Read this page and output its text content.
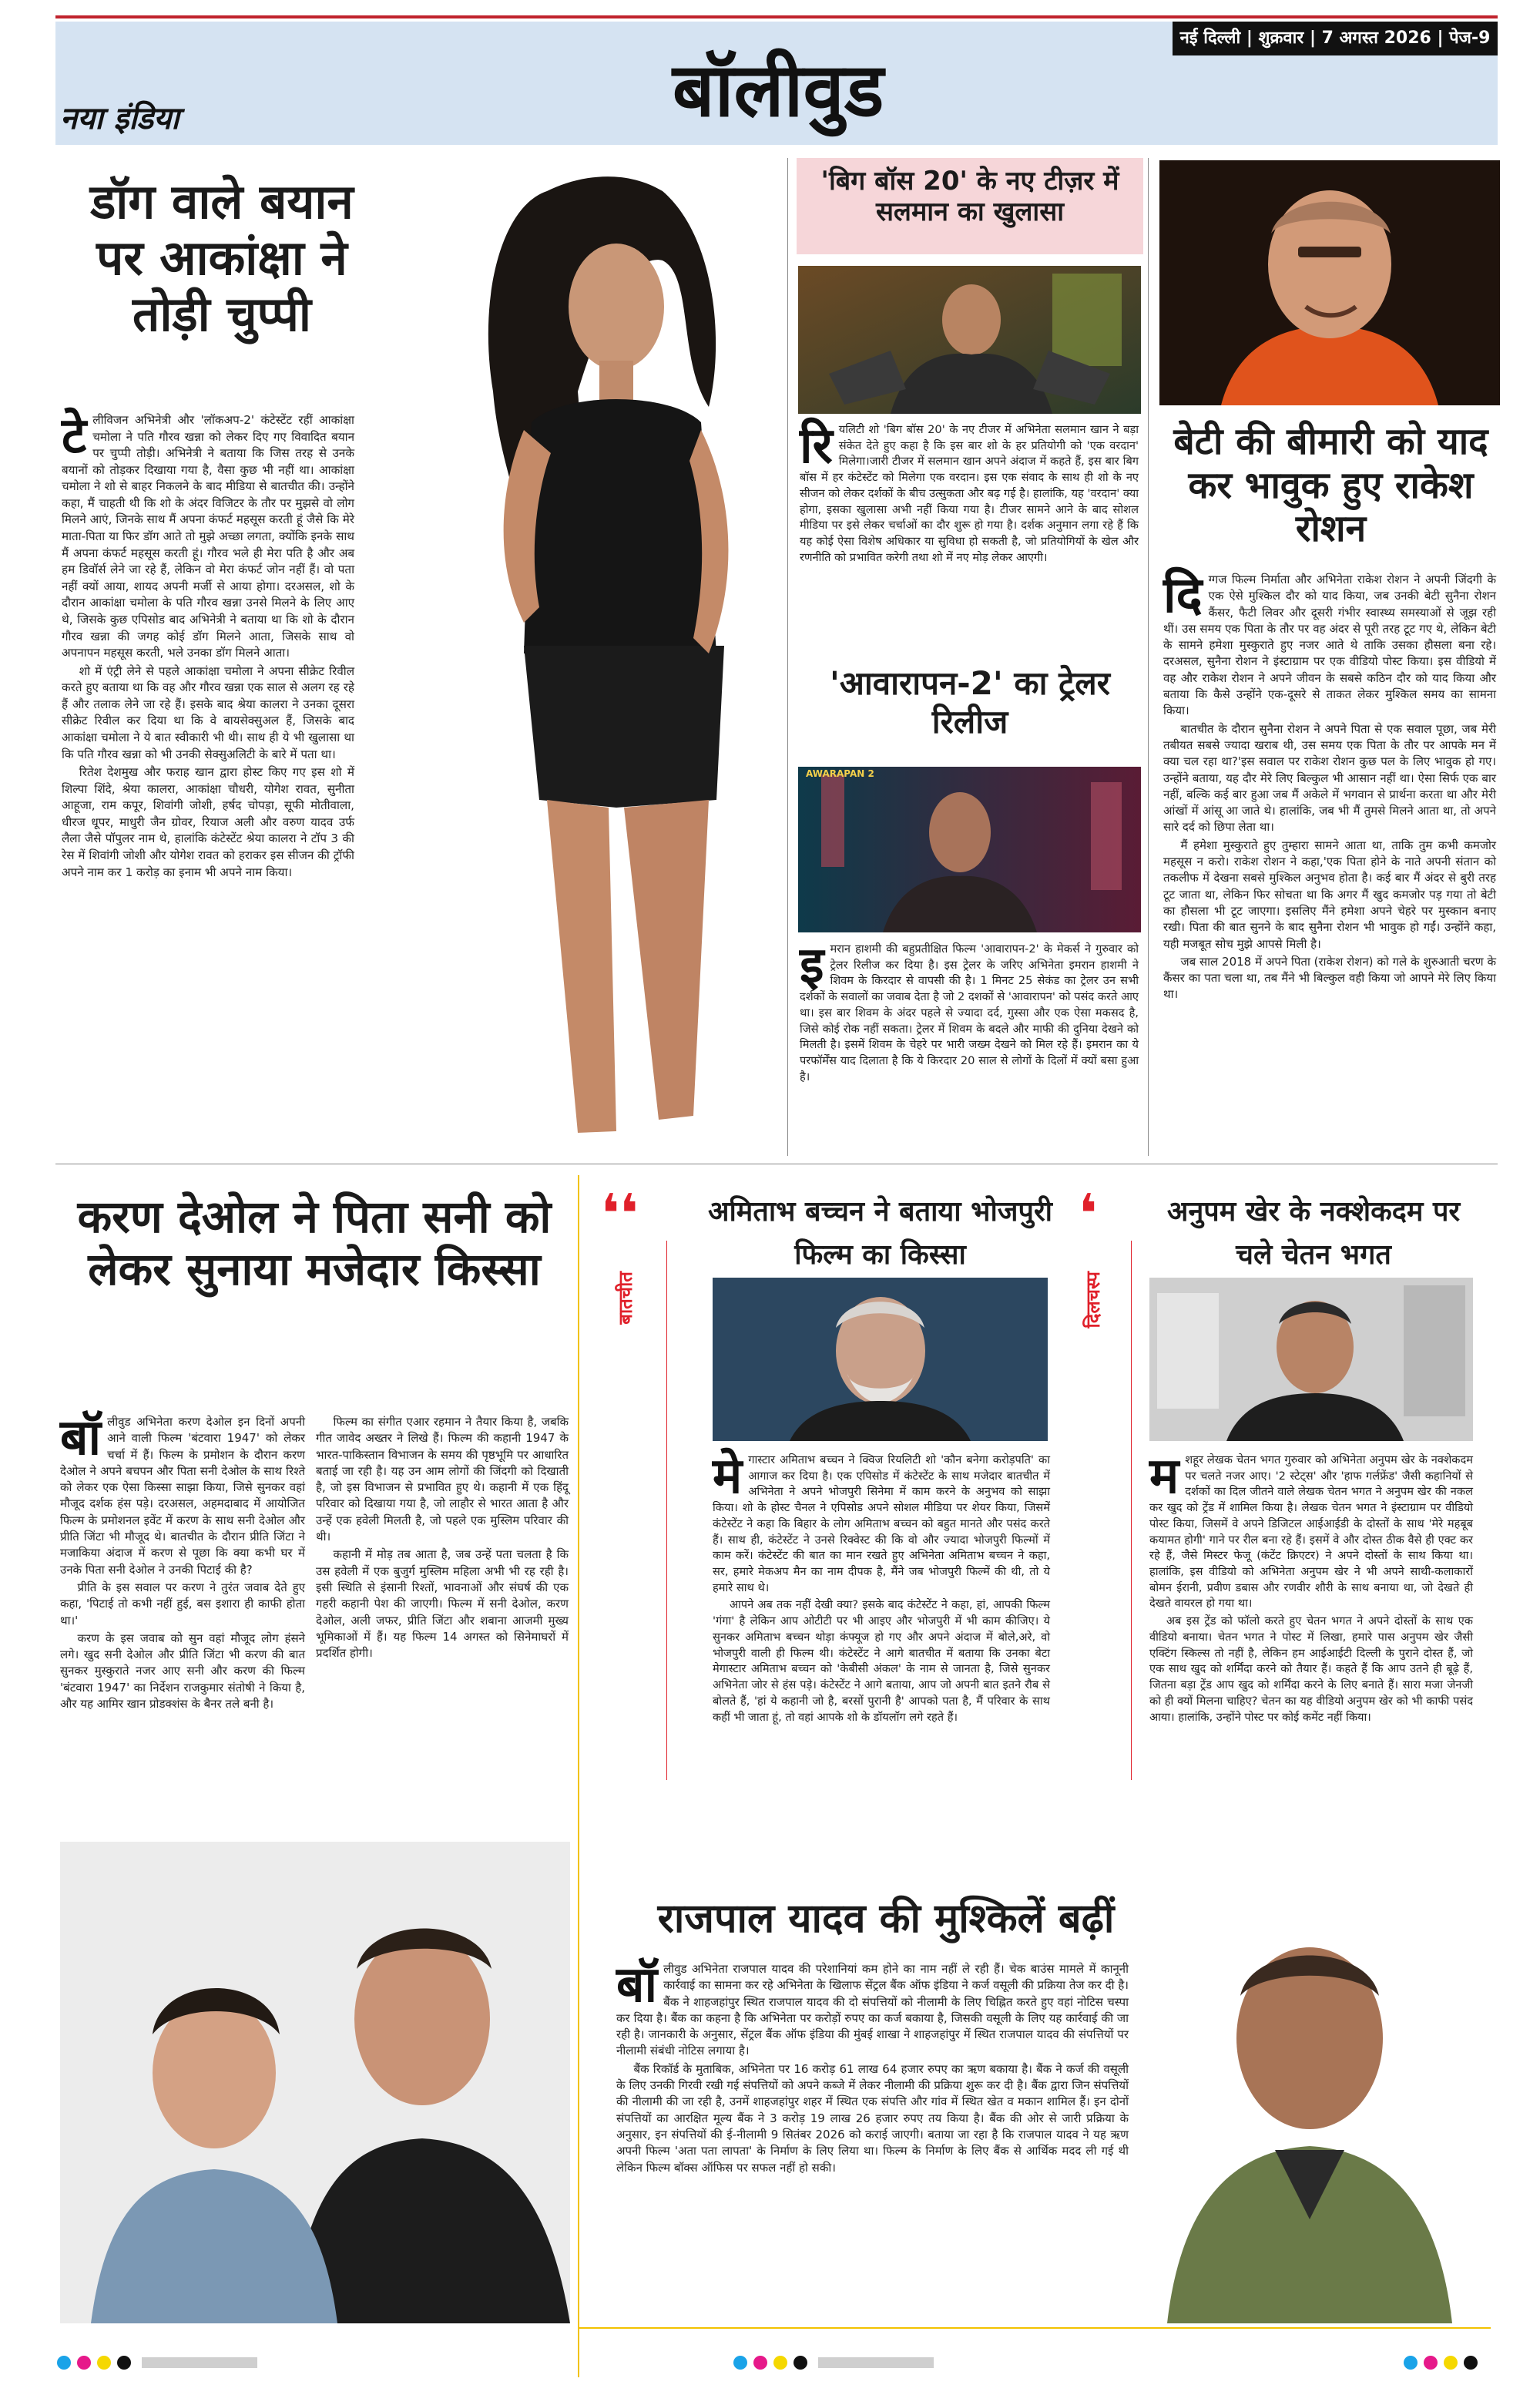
नई दिल्ली | शुक्रवार | 7 अगस्त 2026 | पेज-9
नया इंडिया	बॉलीवुड
डॉग वाले बयान पर आकांक्षा ने तोड़ी चुप्पी
टे लीविजन अभिनेत्री और 'लॉकअप-2' कंटेस्टेंट रहीं आकांक्षा चमोला ने पति गौरव खन्ना को लेकर दिए गए विवादित बयान पर चुप्पी तोड़ी। अभिनेत्री ने बताया कि जिस तरह से उनके बयानों को तोड़कर दिखाया गया है, वैसा कुछ भी नहीं था। आकांक्षा चमोला ने शो से बाहर निकलने के बाद मीडिया से बातचीत की। उन्होंने कहा, मैं चाहती थी कि शो के अंदर विजिटर के तौर पर मुझसे वो लोग मिलने आएं, जिनके साथ मैं अपना कंफर्ट महसूस करती हूं जैसे कि मेरे माता-पिता या फिर डॉग आते तो मुझे अच्छा लगता, क्योंकि इनके साथ मैं अपना कंफर्ट महसूस करती हूं। गौरव भले ही मेरा पति है और अब हम डिवॉर्स लेने जा रहे हैं, लेकिन वो मेरा कंफर्ट जोन नहीं हैं। वो पता नहीं क्यों आया, शायद अपनी मर्जी से आया होगा। दरअसल, शो के दौरान आकांक्षा चमोला के पति गौरव खन्ना उनसे मिलने के लिए आए थे, जिसके कुछ एपिसोड बाद अभिनेत्री ने बताया था कि शो के दौरान गौरव खन्ना की जगह कोई डॉग मिलने आता, जिसके साथ वो अपनापन महसूस करती, भले उनका डॉग मिलने आता।

शो में एंट्री लेने से पहले आकांक्षा चमोला ने अपना सीक्रेट रिवील करते हुए बताया था कि वह और गौरव खन्ना एक साल से अलग रह रहे हैं और तलाक लेने जा रहे हैं। इसके बाद श्रेया कालरा ने उनका दूसरा सीक्रेट रिवील कर दिया था कि वे बायसेक्सुअल हैं, जिसके बाद आकांक्षा चमोला ने ये बात स्वीकारी भी थी। साथ ही ये भी खुलासा था कि पति गौरव खन्ना को भी उनकी सेक्सुअलिटी के बारे में पता था।

रितेश देशमुख और फराह खान द्वारा होस्ट किए गए इस शो में शिल्पा शिंदे, श्रेया कालरा, आकांक्षा चौधरी, योगेश रावत, सुनीता आहूजा, राम कपूर, शिवांगी जोशी, हर्षद चोपड़ा, सूफी मोतीवाला, धीरज धूपर, माधुरी जैन ग्रोवर, रियाज अली और वरुण यादव उर्फ लैला जैसे पॉपुलर नाम थे, हालांकि कंटेस्टेंट श्रेया कालरा ने टॉप 3 की रेस में शिवांगी जोशी और योगेश रावत को हराकर इस सीजन की ट्रॉफी अपने नाम कर 1 करोड़ का इनाम भी अपने नाम किया।

'बिग बॉस 20' के नए टीज़र में सलमान का खुलासा
रि यलिटी शो 'बिग बॉस 20' के नए टीजर में अभिनेता सलमान खान ने बड़ा संकेत देते हुए कहा है कि इस बार शो के हर प्रतियोगी को 'एक वरदान' मिलेगा।जारी टीजर में सलमान खान अपने अंदाज में कहते हैं, इस बार बिग बॉस में हर कंटेस्टेंट को मिलेगा एक वरदान। इस एक संवाद के साथ ही शो के नए सीजन को लेकर दर्शकों के बीच उत्सुकता और बढ़ गई है। हालांकि, यह 'वरदान' क्या होगा, इसका खुलासा अभी नहीं किया गया है। टीजर सामने आने के बाद सोशल मीडिया पर इसे लेकर चर्चाओं का दौर शुरू हो गया है। दर्शक अनुमान लगा रहे हैं कि यह कोई ऐसा विशेष अधिकार या सुविधा हो सकती है, जो प्रतियोगियों के खेल और रणनीति को प्रभावित करेगी तथा शो में नए मोड़ लेकर आएगी।

'आवारापन-2' का ट्रेलर रिलीज
AWARAPAN 2
इ मरान हाशमी की बहुप्रतीक्षित फिल्म 'आवारापन-2' के मेकर्स ने गुरुवार को ट्रेलर रिलीज कर दिया है। इस ट्रेलर के जरिए अभिनेता इमरान हाशमी ने शिवम के किरदार से वापसी की है। 1 मिनट 25 सेकंड का ट्रेलर उन सभी दर्शकों के सवालों का जवाब देता है जो 2 दशकों से 'आवारापन' को पसंद करते आए था। इस बार शिवम के अंदर पहले से ज्यादा दर्द, गुस्सा और एक ऐसा मकसद है, जिसे कोई रोक नहीं सकता। ट्रेलर में शिवम के बदले और माफी की दुनिया देखने को मिलती है। इसमें शिवम के चेहरे पर भारी जख्म देखने को मिल रहे हैं। इमरान का ये परफॉर्मेंस याद दिलाता है कि ये किरदार 20 साल से लोगों के दिलों में क्यों बसा हुआ है।

बेटी की बीमारी को याद कर भावुक हुए राकेश रोशन
दि ग्गज फिल्म निर्माता और अभिनेता राकेश रोशन ने अपनी जिंदगी के एक ऐसे मुश्किल दौर को याद किया, जब उनकी बेटी सुनैना रोशन कैंसर, फैटी लिवर और दूसरी गंभीर स्वास्थ्य समस्याओं से जूझ रही थीं। उस समय एक पिता के तौर पर वह अंदर से पूरी तरह टूट गए थे, लेकिन बेटी के सामने हमेशा मुस्कुराते हुए नजर आते थे ताकि उसका हौसला बना रहे। दरअसल, सुनैना रोशन ने इंस्टाग्राम पर एक वीडियो पोस्ट किया। इस वीडियो में वह और राकेश रोशन ने अपने जीवन के सबसे कठिन दौर को याद किया और बताया कि कैसे उन्होंने एक-दूसरे से ताकत लेकर मुश्किल समय का सामना किया।

बातचीत के दौरान सुनैना रोशन ने अपने पिता से एक सवाल पूछा, जब मेरी तबीयत सबसे ज्यादा खराब थी, उस समय एक पिता के तौर पर आपके मन में क्या चल रहा था?'इस सवाल पर राकेश रोशन कुछ पल के लिए भावुक हो गए। उन्होंने बताया, यह दौर मेरे लिए बिल्कुल भी आसान नहीं था। ऐसा सिर्फ एक बार नहीं, बल्कि कई बार हुआ जब मैं अकेले में भगवान से प्रार्थना करता था और मेरी आंखों में आंसू आ जाते थे। हालांकि, जब भी मैं तुमसे मिलने आता था, तो अपने सारे दर्द को छिपा लेता था।

मैं हमेशा मुस्कुराते हुए तुम्हारा सामने आता था, ताकि तुम कभी कमजोर महसूस न करो। राकेश रोशन ने कहा,'एक पिता होने के नाते अपनी संतान को तकलीफ में देखना सबसे मुश्किल अनुभव होता है। कई बार मैं अंदर से बुरी तरह टूट जाता था, लेकिन फिर सोचता था कि अगर मैं खुद कमजोर पड़ गया तो बेटी का हौसला भी टूट जाएगा। इसलिए मैंने हमेशा अपने चेहरे पर मुस्कान बनाए रखी। पिता की बात सुनने के बाद सुनैना रोशन भी भावुक हो गईं। उन्होंने कहा, यही मजबूत सोच मुझे आपसे मिली है।

जब साल 2018 में अपने पिता (राकेश रोशन) को गले के शुरुआती चरण के कैंसर का पता चला था, तब मैंने भी बिल्कुल वही किया जो आपने मेरे लिए किया था।

करण देओल ने पिता सनी को लेकर सुनाया मजेदार किस्सा
बॉ लीवुड अभिनेता करण देओल इन दिनों अपनी आने वाली फिल्म 'बंटवारा 1947' को लेकर चर्चा में हैं। फिल्म के प्रमोशन के दौरान करण देओल ने अपने बचपन और पिता सनी देओल के साथ रिश्ते को लेकर एक ऐसा किस्सा साझा किया, जिसे सुनकर वहां मौजूद दर्शक हंस पड़े। दरअसल, अहमदाबाद में आयोजित फिल्म के प्रमोशनल इवेंट में करण के साथ सनी देओल और प्रीति जिंटा भी मौजूद थे। बातचीत के दौरान प्रीति जिंटा ने मजाकिया अंदाज में करण से पूछा कि क्या कभी घर में उनके पिता सनी देओल ने उनकी पिटाई की है?

प्रीति के इस सवाल पर करण ने तुरंत जवाब देते हुए कहा, 'पिटाई तो कभी नहीं हुई, बस इशारा ही काफी होता था।'

करण के इस जवाब को सुन वहां मौजूद लोग हंसने लगे। खुद सनी देओल और प्रीति जिंटा भी करण की बात सुनकर मुस्कुराते नजर आए सनी और करण की फिल्म 'बंटवारा 1947' का निर्देशन राजकुमार संतोषी ने किया है, और यह आमिर खान प्रोडक्शंस के बैनर तले बनी है।

फिल्म का संगीत एआर रहमान ने तैयार किया है, जबकि गीत जावेद अख्तर ने लिखे हैं। फिल्म की कहानी 1947 के भारत-पाकिस्तान विभाजन के समय की पृष्ठभूमि पर आधारित बताई जा रही है। यह उन आम लोगों की जिंदगी को दिखाती है, जो इस विभाजन से प्रभावित हुए थे। कहानी में एक हिंदू परिवार को दिखाया गया है, जो लाहौर से भारत आता है और उन्हें एक हवेली मिलती है, जो पहले एक मुस्लिम परिवार की थी।

कहानी में मोड़ तब आता है, जब उन्हें पता चलता है कि उस हवेली में एक बुजुर्ग मुस्लिम महिला अभी भी रह रही है। इसी स्थिति से इंसानी रिश्तों, भावनाओं और संघर्ष की एक गहरी कहानी पेश की जाएगी। फिल्म में सनी देओल, करण देओल, अली जफर, प्रीति जिंटा और शबाना आजमी मुख्य भूमिकाओं में हैं। यह फिल्म 14 अगस्त को सिनेमाघरों में प्रदर्शित होगी।

❛❛
बातचीत
अमिताभ बच्चन ने बताया भोजपुरी फिल्म का किस्सा
मे गास्टार अमिताभ बच्चन ने क्विज रियलिटी शो 'कौन बनेगा करोड़पति' का आगाज कर दिया है। एक एपिसोड में कंटेस्टेंट के साथ मजेदार बातचीत में अभिनेता ने अपने भोजपुरी सिनेमा में काम करने के अनुभव को साझा किया। शो के होस्ट चैनल ने एपिसोड अपने सोशल मीडिया पर शेयर किया, जिसमें कंटेस्टेंट ने कहा कि बिहार के लोग अमिताभ बच्चन को बहुत मानते और पसंद करते हैं। साथ ही, कंटेस्टेंट ने उनसे रिक्वेस्ट की कि वो और ज्यादा भोजपुरी फिल्मों में काम करें। कंटेस्टेंट की बात का मान रखते हुए अभिनेता अमिताभ बच्चन ने कहा, सर, हमारे मेकअप मैन का नाम दीपक है, मैंने जब भोजपुरी फिल्में की थी, तो ये हमारे साथ थे।

आपने अब तक नहीं देखी क्या? इसके बाद कंटेस्टेंट ने कहा, हां, आपकी फिल्म 'गंगा' है लेकिन आप ओटीटी पर भी आइए और भोजपुरी में भी काम कीजिए। ये सुनकर अमिताभ बच्चन थोड़ा कंफ्यूज हो गए और अपने अंदाज में बोले,अरे, वो भोजपुरी वाली ही फिल्म थी। कंटेस्टेंट ने आगे बातचीत में बताया कि उनका बेटा मेगास्टार अमिताभ बच्चन को 'केबीसी अंकल' के नाम से जानता है, जिसे सुनकर अभिनेता जोर से हंस पड़े। कंटेस्टेंट ने आगे बताया, आप जो अपनी बात इतने रौब से बोलते हैं, 'हां ये कहानी जो है, बरसों पुरानी है' आपको पता है, मैं परिवार के साथ कहीं भी जाता हूं, तो वहां आपके शो के डॉयलॉग लगे रहते हैं।

❛
दिलचस्प
अनुपम खेर के नक्शेकदम पर चले चेतन भगत
म शहूर लेखक चेतन भगत गुरुवार को अभिनेता अनुपम खेर के नक्शेकदम पर चलते नजर आए। '2 स्टेट्स' और 'हाफ गर्लफ्रेंड' जैसी कहानियों से दर्शकों का दिल जीतने वाले लेखक चेतन भगत ने अनुपम खेर की नकल कर खुद को ट्रेंड में शामिल किया है। लेखक चेतन भगत ने इंस्टाग्राम पर वीडियो पोस्ट किया, जिसमें वे अपने डिजिटल आईआईडी के दोस्तों के साथ 'मेरे महबूब कयामत होगी' गाने पर रील बना रहे हैं। इसमें वे और दोस्त ठीक वैसे ही एक्ट कर रहे हैं, जैसे मिस्टर फेजू (कंटेंट क्रिएटर) ने अपने दोस्तों के साथ किया था। हालांकि, इस वीडियो को अभिनेता अनुपम खेर ने भी अपने साथी-कलाकारों बोमन ईरानी, प्रवीण डबास और रणवीर शौरी के साथ बनाया था, जो देखते ही देखते वायरल हो गया था।

अब इस ट्रेंड को फॉलो करते हुए चेतन भगत ने अपने दोस्तों के साथ एक वीडियो बनाया। चेतन भगत ने पोस्ट में लिखा, हमारे पास अनुपम खेर जैसी एक्टिंग स्किल्स तो नहीं है, लेकिन हम आईआईटी दिल्ली के पुराने दोस्त हैं, जो एक साथ खुद को शर्मिंदा करने को तैयार हैं। कहते हैं कि आप उतने ही बूढ़े हैं, जितना बड़ा ट्रेंड आप खुद को शर्मिंदा करने के लिए बनाते हैं। सारा मजा जेनजी को ही क्यों मिलना चाहिए? चेतन का यह वीडियो अनुपम खेर को भी काफी पसंद आया। हालांकि, उन्होंने पोस्ट पर कोई कमेंट नहीं किया।

राजपाल यादव की मुश्किलें बढ़ीं
बॉ लीवुड अभिनेता राजपाल यादव की परेशानियां कम होने का नाम नहीं ले रही हैं। चेक बाउंस मामले में कानूनी कार्रवाई का सामना कर रहे अभिनेता के खिलाफ सेंट्रल बैंक ऑफ इंडिया ने कर्ज वसूली की प्रक्रिया तेज कर दी है। बैंक ने शाहजहांपुर स्थित राजपाल यादव की दो संपत्तियों को नीलामी के लिए चिह्नित करते हुए वहां नोटिस चस्पा कर दिया है। बैंक का कहना है कि अभिनेता पर करोड़ों रुपए का कर्ज बकाया है, जिसकी वसूली के लिए यह कार्रवाई की जा रही है। जानकारी के अनुसार, सेंट्रल बैंक ऑफ इंडिया की मुंबई शाखा ने शाहजहांपुर में स्थित राजपाल यादव की संपत्तियों पर नीलामी संबंधी नोटिस लगाया है।

बैंक रिकॉर्ड के मुताबिक, अभिनेता पर 16 करोड़ 61 लाख 64 हजार रुपए का ऋण बकाया है। बैंक ने कर्ज की वसूली के लिए उनकी गिरवी रखी गई संपत्तियों को अपने कब्जे में लेकर नीलामी की प्रक्रिया शुरू कर दी है। बैंक द्वारा जिन संपत्तियों की नीलामी की जा रही है, उनमें शाहजहांपुर शहर में स्थित एक संपत्ति और गांव में स्थित खेत व मकान शामिल हैं। इन दोनों संपत्तियों का आरक्षित मूल्य बैंक ने 3 करोड़ 19 लाख 26 हजार रुपए तय किया है। बैंक की ओर से जारी प्रक्रिया के अनुसार, इन संपत्तियों की ई-नीलामी 9 सितंबर 2026 को कराई जाएगी। बताया जा रहा है कि राजपाल यादव ने यह ऋण अपनी फिल्म 'अता पता लापता' के निर्माण के लिए लिया था। फिल्म के निर्माण के लिए बैंक से आर्थिक मदद ली गई थी लेकिन फिल्म बॉक्स ऑफिस पर सफल नहीं हो सकी।
